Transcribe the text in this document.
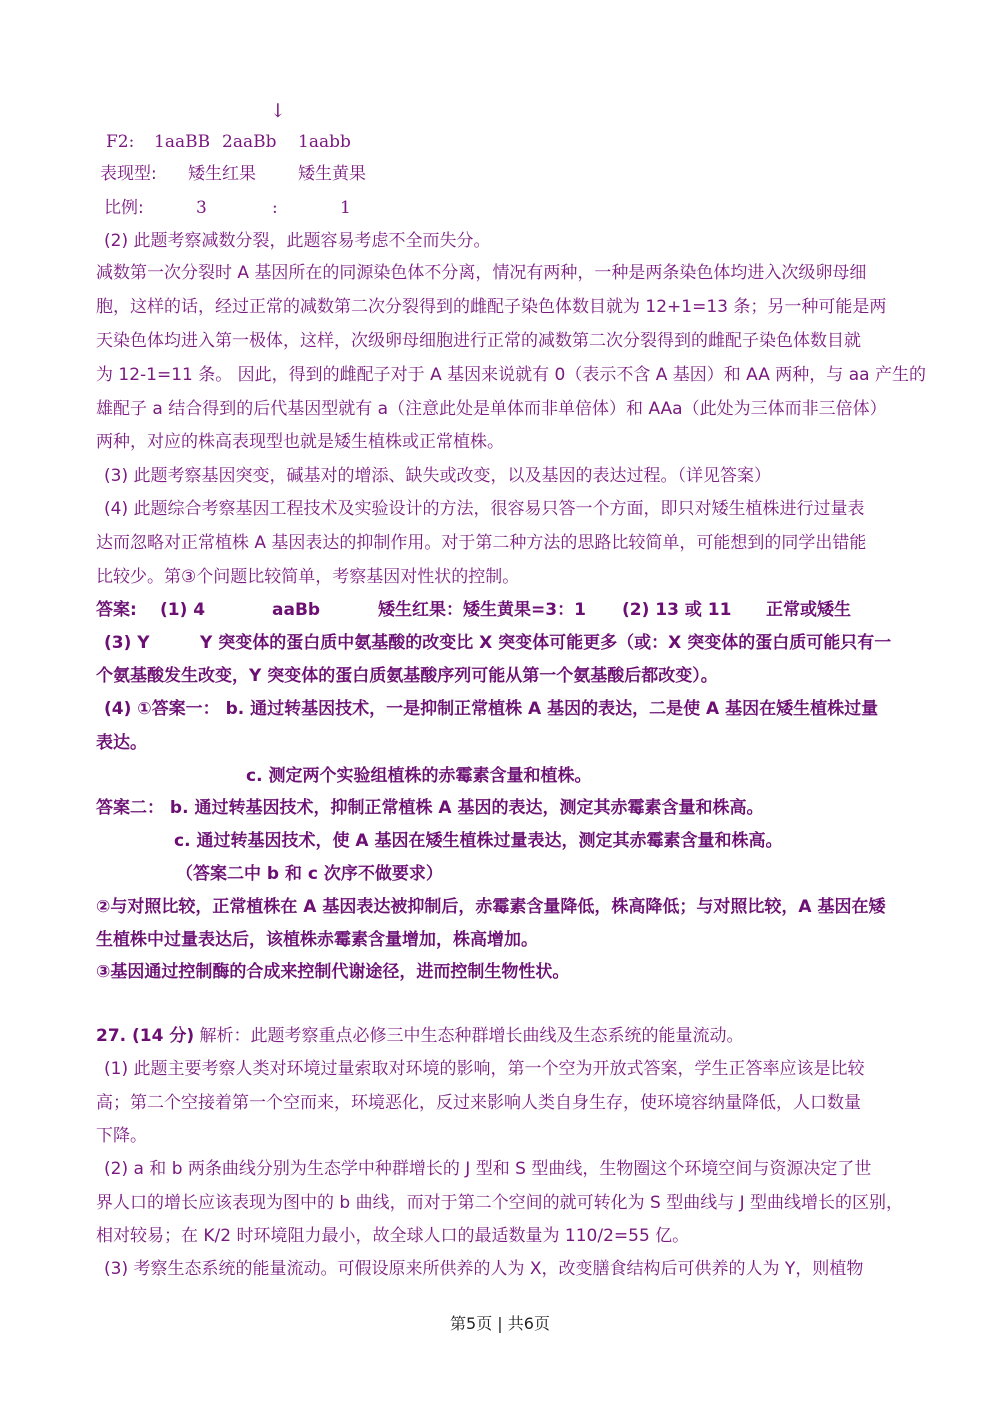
↓
F2: 1aaBB 2aaBb 1aabb
表现型: 矮生红果 矮生黄果
比例:	3	:	1
(2) 此题考察减数分裂，此题容易考虑不全而失分。
减数第一次分裂时 A 基因所在的同源染色体不分离，情况有两种，一种是两条染色体均进入次级卵母细
胞，这样的话，经过正常的减数第二次分裂得到的雌配子染色体数目就为 12+1=13 条；另一种可能是两
天染色体均进入第一极体，这样，次级卵母细胞进行正常的减数第二次分裂得到的雌配子染色体数目就
为 12-1=11 条。 因此，得到的雌配子对于 A 基因来说就有 0（表示不含 A 基因）和 AA 两种，与 aa 产生的
雄配子 a 结合得到的后代基因型就有 a（注意此处是单体而非单倍体）和 AAa（此处为三体而非三倍体）
两种，对应的株高表现型也就是矮生植株或正常植株。
(3) 此题考察基因突变，碱基对的增添、缺失或改变，以及基因的表达过程。（详见答案）
(4) 此题综合考察基因工程技术及实验设计的方法，很容易只答一个方面，即只对矮生植株进行过量表
达而忽略对正常植株 A 基因表达的抑制作用。对于第二种方法的思路比较简单，可能想到的同学出错能
比较少。第③个问题比较简单，考察基因对性状的控制。
答案: (1) 4	aaBb	矮生红果：矮生黄果=3：1 (2) 13 或 11 正常或矮生
(3) Y	Y 突变体的蛋白质中氨基酸的改变比 X 突变体可能更多（或：X 突变体的蛋白质可能只有一
个氨基酸发生改变，Y 突变体的蛋白质氨基酸序列可能从第一个氨基酸后都改变）。
(4) ①答案一： b. 通过转基因技术，一是抑制正常植株 A 基因的表达，二是使 A 基因在矮生植株过量
表达。
c. 测定两个实验组植株的赤霉素含量和植株。
答案二： b. 通过转基因技术，抑制正常植株 A 基因的表达，测定其赤霉素含量和株高。
c. 通过转基因技术，使 A 基因在矮生植株过量表达，测定其赤霉素含量和株高。
（答案二中 b 和 c 次序不做要求）
②与对照比较，正常植株在 A 基因表达被抑制后，赤霉素含量降低，株高降低；与对照比较，A 基因在矮
生植株中过量表达后，该植株赤霉素含量增加，株高增加。
③基因通过控制酶的合成来控制代谢途径，进而控制生物性状。
27. (14 分) 解析：此题考察重点必修三中生态种群增长曲线及生态系统的能量流动。
(1) 此题主要考察人类对环境过量索取对环境的影响，第一个空为开放式答案，学生正答率应该是比较
高；第二个空接着第一个空而来，环境恶化，反过来影响人类自身生存，使环境容纳量降低，人口数量
下降。
(2) a 和 b 两条曲线分别为生态学中种群增长的 J 型和 S 型曲线，生物圈这个环境空间与资源决定了世
界人口的增长应该表现为图中的 b 曲线，而对于第二个空间的就可转化为 S 型曲线与 J 型曲线增长的区别，
相对较易；在 K/2 时环境阻力最小，故全球人口的最适数量为 110/2=55 亿。
(3) 考察生态系统的能量流动。可假设原来所供养的人为 X，改变膳食结构后可供养的人为 Y，则植物
第5页 | 共6页
